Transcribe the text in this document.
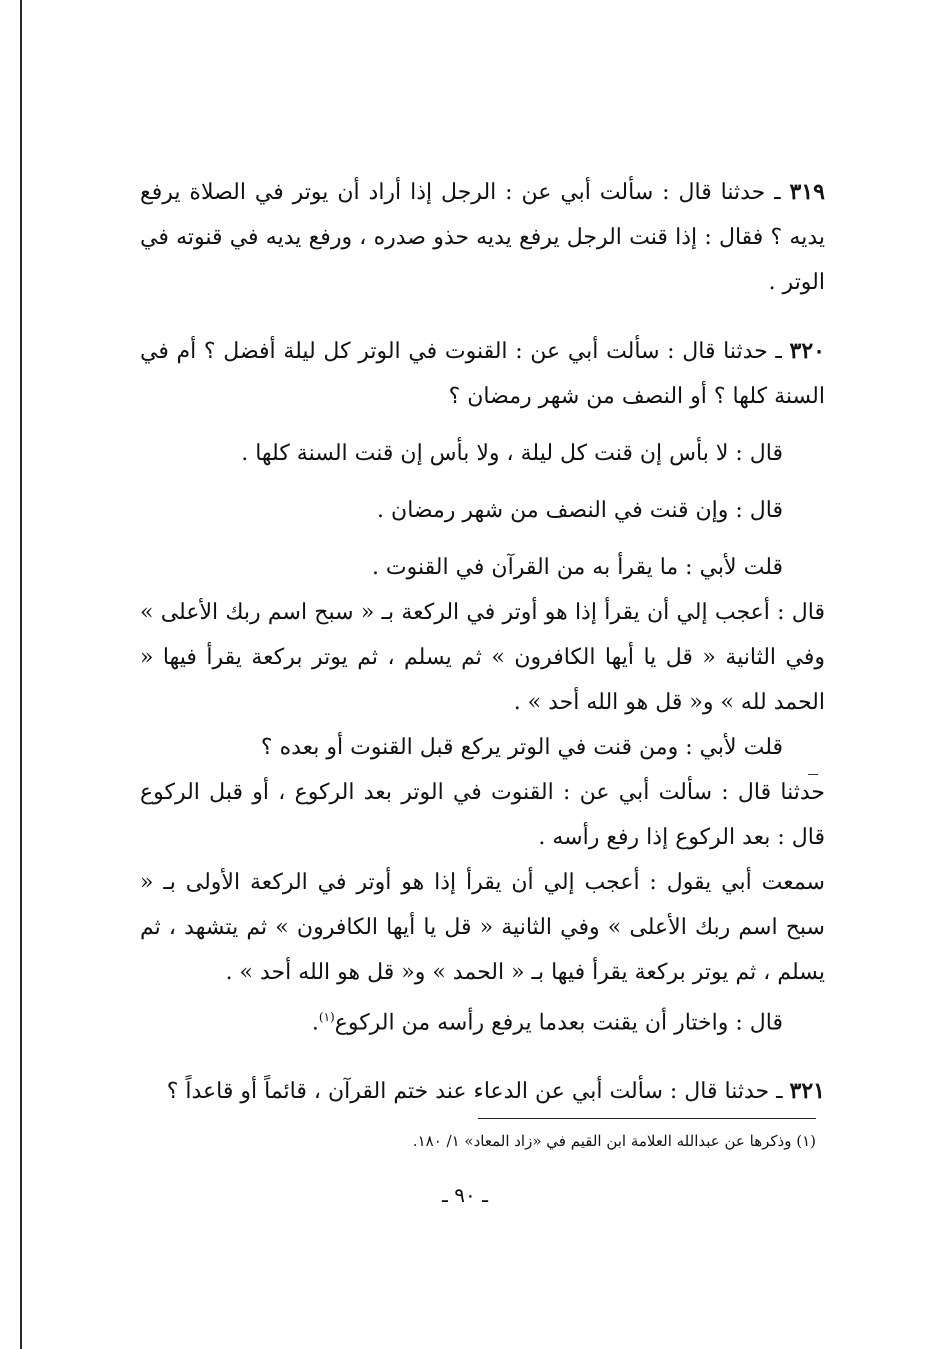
٣١٩ ـ حدثنا قال : سألت أبي عن : الرجل إذا أراد أن يوتر في الصلاة يرفع يديه ؟ فقال : إذا قنت الرجل يرفع يديه حذو صدره ، ورفع يديه في قنوته في الوتر .

٣٢٠ ـ حدثنا قال : سألت أبي عن : القنوت في الوتر كل ليلة أفضل ؟ أم في السنة كلها ؟ أو النصف من شهر رمضان ؟

قال : لا بأس إن قنت كل ليلة ، ولا بأس إن قنت السنة كلها .

قال : وإن قنت في النصف من شهر رمضان .

قلت لأبي : ما يقرأ به من القرآن في القنوت .

قال : أعجب إلي أن يقرأ إذا هو أوتر في الركعة بـ « سبح اسم ربك الأعلى » وفي الثانية « قل يا أيها الكافرون » ثم يسلم ، ثم يوتر بركعة يقرأ فيها « الحمد لله » و« قل هو الله أحد » .

قلت لأبي : ومن قنت في الوتر يركع قبل القنوت أو بعده ؟

حدثنا قال : سألت أبي عن : القنوت في الوتر بعد الركوع ، أو قبل الركوع قال : بعد الركوع إذا رفع رأسه .

سمعت أبي يقول : أعجب إلي أن يقرأ إذا هو أوتر في الركعة الأولى بـ « سبح اسم ربك الأعلى » وفي الثانية « قل يا أيها الكافرون » ثم يتشهد ، ثم يسلم ، ثم يوتر بركعة يقرأ فيها بـ « الحمد » و« قل هو الله أحد » .

قال : واختار أن يقنت بعدما يرفع رأسه من الركوع$^{(١)}$.

٣٢١ ـ حدثنا قال : سألت أبي عن الدعاء عند ختم القرآن ، قائماً أو قاعداً ؟

(١) وذكرها عن عبدالله العلامة ابن القيم في «زاد المعاد» ١/ ١٨٠.
ـ ٩٠ ـ
